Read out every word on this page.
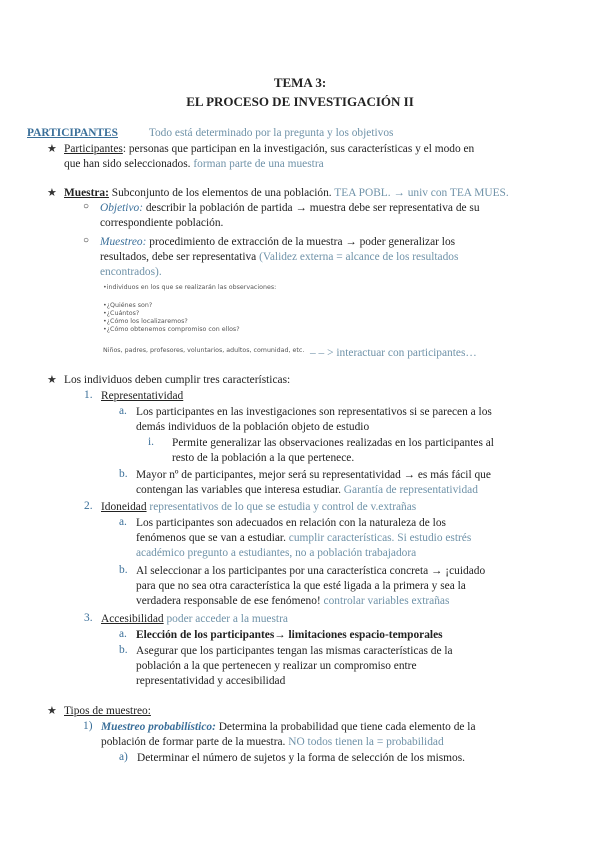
TEMA 3:
EL PROCESO DE INVESTIGACIÓN II
PARTICIPANTES	Todo está determinado por la pregunta y los objetivos
★ Participantes: personas que participan en la investigación, sus características y el modo en
que han sido seleccionados. forman parte de una muestra
★ Muestra: Subconjunto de los elementos de una población. TEA POBL. → univ con TEA MUES.
○ Objetivo: describir la población de partida → muestra debe ser representativa de su
correspondiente población.
○ Muestreo: procedimiento de extracción de la muestra → poder generalizar los
resultados, debe ser representativa (Validez externa = alcance de los resultados
encontrados).
•individuos en los que se realizarán las observaciones:
•¿Quiénes son?
•¿Cuántos?
•¿Cómo los localizaremos?
•¿Cómo obtenemos compromiso con ellos?
Niños, padres, profesores, voluntarios, adultos, comunidad, etc. – – > interactuar con participantes…
★ Los individuos deben cumplir tres características:
1. Representatividad
a. Los participantes en las investigaciones son representativos si se parecen a los
demás individuos de la población objeto de estudio
i. Permite generalizar las observaciones realizadas en los participantes al
resto de la población a la que pertenece.
b. Mayor nº de participantes, mejor será su representatividad → es más fácil que
contengan las variables que interesa estudiar. Garantía de representatividad
2. Idoneidad representativos de lo que se estudia y control de v.extrañas
a. Los participantes son adecuados en relación con la naturaleza de los
fenómenos que se van a estudiar. cumplir características. Si estudio estrés
académico pregunto a estudiantes, no a población trabajadora
b. Al seleccionar a los participantes por una característica concreta → ¡cuidado
para que no sea otra característica la que esté ligada a la primera y sea la
verdadera responsable de ese fenómeno! controlar variables extrañas
3. Accesibilidad poder acceder a la muestra
a. Elección de los participantes→ limitaciones espacio-temporales
b. Asegurar que los participantes tengan las mismas características de la
población a la que pertenecen y realizar un compromiso entre
representatividad y accesibilidad
★ Tipos de muestreo:
1) Muestreo probabilístico: Determina la probabilidad que tiene cada elemento de la
población de formar parte de la muestra. NO todos tienen la = probabilidad
a) Determinar el número de sujetos y la forma de selección de los mismos.
